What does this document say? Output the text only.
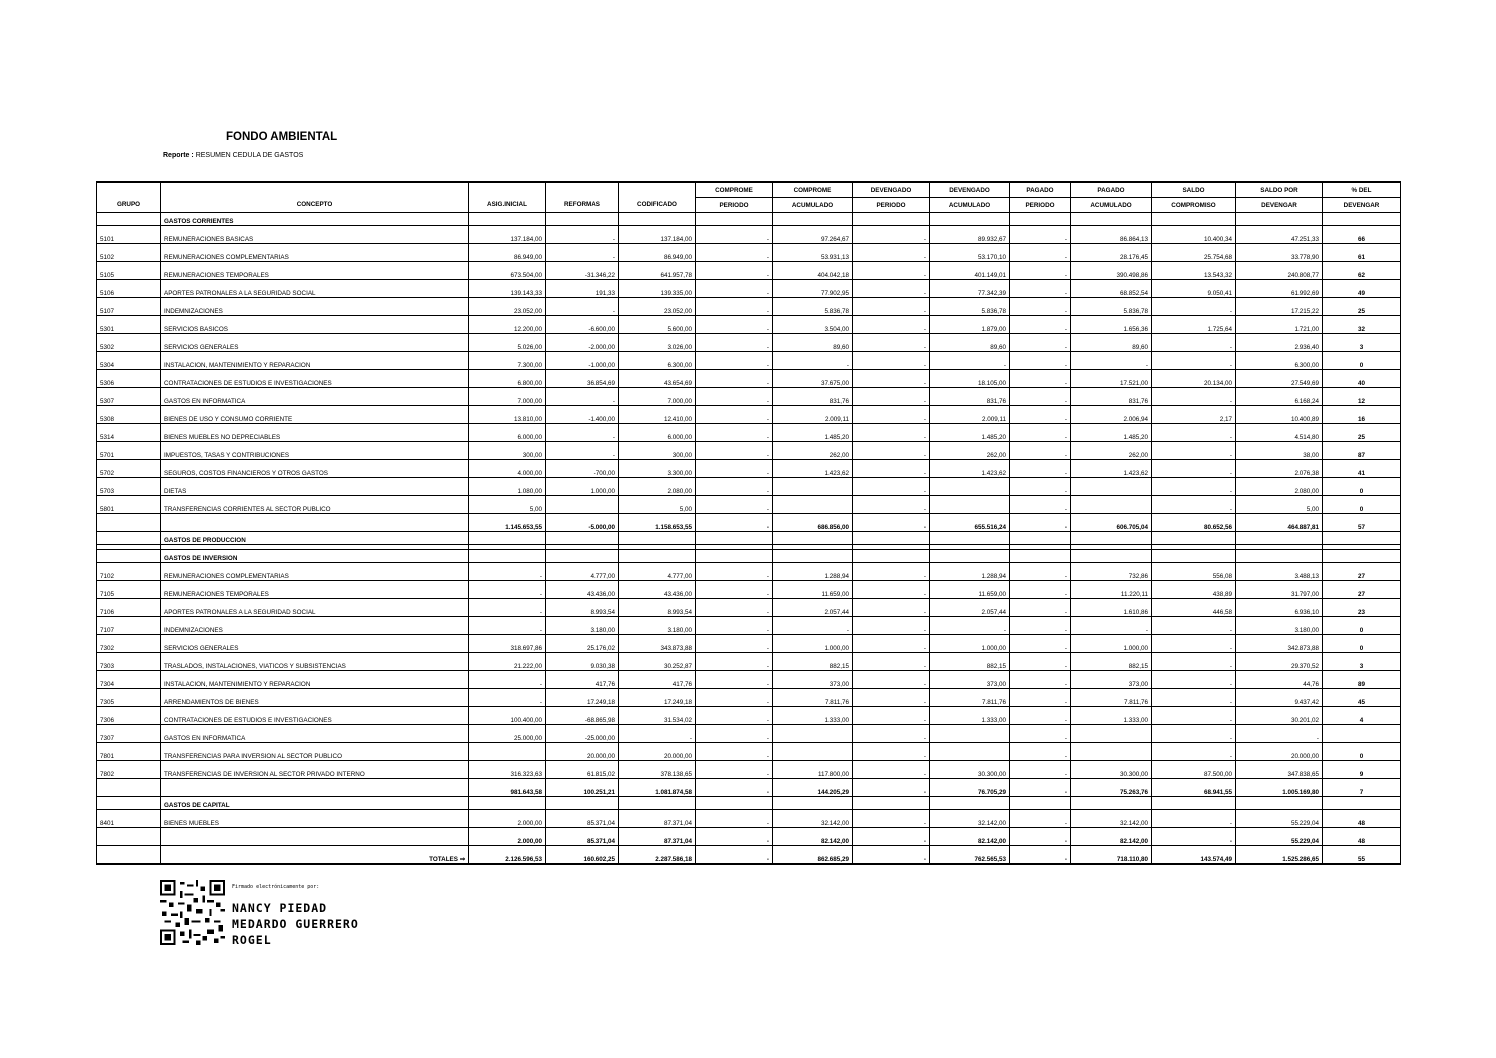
FONDO AMBIENTAL
Reporte : RESUMEN CEDULA DE GASTOS
					COMPROME	COMPROME	DEVENGADO	DEVENGADO	PAGADO	PAGADO	SALDO	SALDO POR	% DEL
GRUPO	CONCEPTO	ASIG.INICIAL	REFORMAS	CODIFICADO	PERIODO	ACUMULADO	PERIODO	ACUMULADO	PERIODO	ACUMULADO	COMPROMISO	DEVENGAR	DEVENGAR
	GASTOS CORRIENTES												
5101	REMUNERACIONES BASICAS	137.184,00	-	137.184,00	-	97.264,67	-	89.932,67	-	86.864,13	10.400,34	47.251,33	66
5102	REMUNERACIONES COMPLEMENTARIAS	86.949,00	-	86.949,00	-	53.931,13	-	53.170,10	-	28.176,45	25.754,68	33.778,90	61
5105	REMUNERACIONES TEMPORALES	673.504,00	-31.346,22	641.957,78	-	404.042,18	-	401.149,01	-	390.498,86	13.543,32	240.808,77	62
5106	APORTES PATRONALES A LA SEGURIDAD SOCIAL	139.143,33	191,33	139.335,00	-	77.902,95	-	77.342,39	-	68.852,54	9.050,41	61.992,69	49
5107	INDEMNIZACIONES	23.052,00	-	23.052,00	-	5.836,78	-	5.836,78	-	5.836,78	-	17.215,22	25
5301	SERVICIOS BASICOS	12.200,00	-6.600,00	5.600,00	-	3.504,00	-	1.879,00	-	1.656,36	1.725,64	1.721,00	32
5302	SERVICIOS GENERALES	5.026,00	-2.000,00	3.026,00	-	89,60	-	89,60	-	89,60	-	2.936,40	3
5304	INSTALACION, MANTENIMIENTO Y REPARACION	7.300,00	-1.000,00	6.300,00	-	-	-	-	-	-	-	6.300,00	0
5306	CONTRATACIONES DE ESTUDIOS E INVESTIGACIONES	6.800,00	36.854,69	43.654,69	-	37.675,00	-	18.105,00	-	17.521,00	20.134,00	27.549,69	40
5307	GASTOS EN INFORMATICA	7.000,00	-	7.000,00	-	831,76	-	831,76	-	831,76	-	6.168,24	12
5308	BIENES DE USO Y CONSUMO CORRIENTE	13.810,00	-1.400,00	12.410,00	-	2.009,11	-	2.009,11	-	2.006,94	2,17	10.400,89	16
5314	BIENES MUEBLES NO DEPRECIABLES	6.000,00	-	6.000,00	-	1.485,20	-	1.485,20	-	1.485,20	-	4.514,80	25
5701	IMPUESTOS, TASAS Y CONTRIBUCIONES	300,00	-	300,00	-	262,00	-	262,00	-	262,00	-	38,00	87
5702	SEGUROS, COSTOS FINANCIEROS Y OTROS GASTOS	4.000,00	-700,00	3.300,00	-	1.423,62	-	1.423,62	-	1.423,62	-	2.076,38	41
5703	DIETAS	1.080,00	1.000,00	2.080,00	-		-		-		-	2.080,00	0
5801	TRANSFERENCIAS CORRIENTES AL SECTOR PUBLICO	5,00		5,00	-		-		-		-	5,00	0
		1.145.653,55	-5.000,00	1.158.653,55	-	686.856,00	-	655.516,24	-	606.705,04	80.652,56	464.887,81	57
	GASTOS DE PRODUCCION												

	GASTOS DE INVERSION												
7102	REMUNERACIONES COMPLEMENTARIAS	-	4.777,00	4.777,00	-	1.288,94	-	1.288,94	-	732,86	556,08	3.488,13	27
7105	REMUNERACIONES TEMPORALES	-	43.436,00	43.436,00	-	11.659,00	-	11.659,00	-	11.220,11	438,89	31.797,00	27
7106	APORTES PATRONALES A LA SEGURIDAD SOCIAL	-	8.993,54	8.993,54	-	2.057,44	-	2.057,44	-	1.610,86	446,58	6.936,10	23
7107	INDEMNIZACIONES	-	3.180,00	3.180,00	-	-	-	-	-	-	-	3.180,00	0
7302	SERVICIOS GENERALES	318.697,86	25.176,02	343.873,88	-	1.000,00	-	1.000,00	-	1.000,00	-	342.873,88	0
7303	TRASLADOS, INSTALACIONES, VIATICOS Y SUBSISTENCIAS	21.222,00	9.030,38	30.252,87	-	882,15	-	882,15	-	882,15	-	29.370,52	3
7304	INSTALACION, MANTENIMIENTO Y REPARACION	-	417,76	417,76	-	373,00	-	373,00	-	373,00	-	44,76	89
7305	ARRENDAMIENTOS DE BIENES	-	17.249,18	17.249,18	-	7.811,76	-	7.811,76	-	7.811,76	-	9.437,42	45
7306	CONTRATACIONES DE ESTUDIOS E INVESTIGACIONES	100.400,00	-68.865,98	31.534,02	-	1.333,00	-	1.333,00	-	1.333,00	-	30.201,02	4
7307	GASTOS EN INFORMATICA	25.000,00	-25.000,00	-	-		-		-		-	-	
7801	TRANSFERENCIAS PARA INVERSION AL SECTOR PUBLICO		20.000,00	20.000,00	-		-		-		-	20.000,00	0
7802	TRANSFERENCIAS DE INVERSION AL SECTOR PRIVADO INTERNO	316.323,63	61.815,02	378.138,65	-	117.800,00	-	30.300,00	-	30.300,00	87.500,00	347.838,65	9
		981.643,58	100.251,21	1.081.874,58	-	144.205,29	-	76.705,29	-	75.263,76	68.941,55	1.005.169,80	7
	GASTOS DE CAPITAL												
8401	BIENES MUEBLES	2.000,00	85.371,04	87.371,04	-	32.142,00	-	32.142,00	-	32.142,00	-	55.229,04	48
		2.000,00	85.371,04	87.371,04	-	82.142,00	-	82.142,00	-	82.142,00	-	55.229,04	48
	TOTALES ⇒	2.126.596,53	160.602,25	2.287.586,18	-	862.685,29	-	762.565,53	-	718.110,80	143.574,49	1.525.286,65	55
Firmado electrónicamente por:
NANCY PIEDAD
MEDARDO GUERRERO
ROGEL
